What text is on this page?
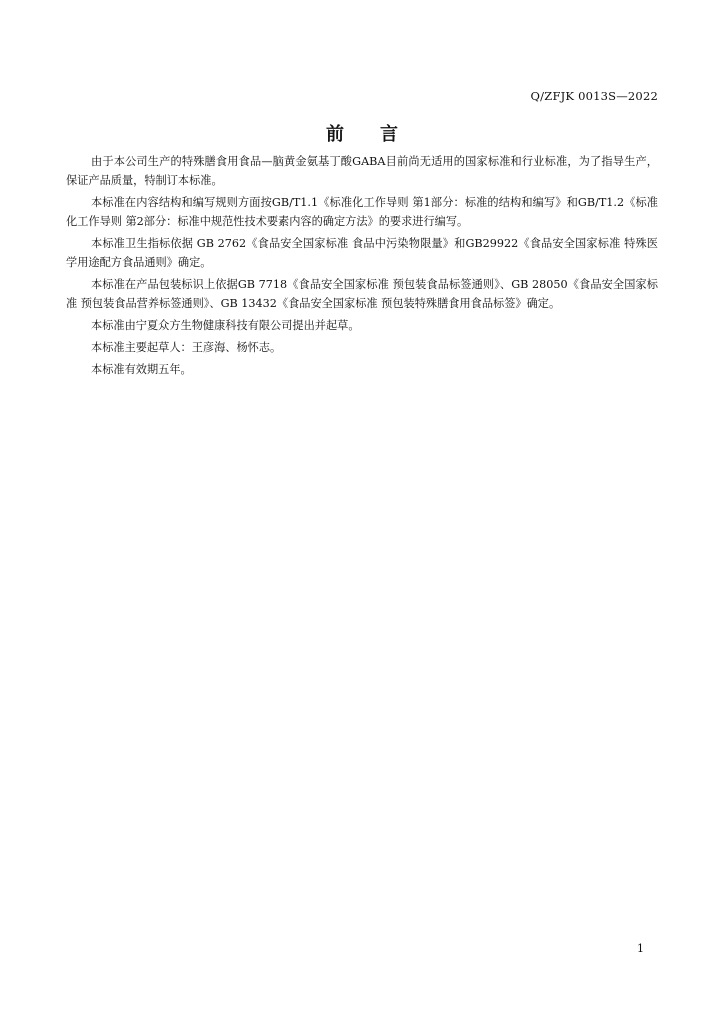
Q/ZFJK 0013S—2022
前言

由于本公司生产的特殊膳食用食品—脑黄金氨基丁酸GABA目前尚无适用的国家标准和行业标准，为了指导生产，保证产品质量，特制订本标准。

本标准在内容结构和编写规则方面按GB/T1.1《标准化工作导则 第1部分：标准的结构和编写》和GB/T1.2《标准化工作导则 第2部分：标准中规范性技术要素内容的确定方法》的要求进行编写。

本标准卫生指标依据 GB 2762《食品安全国家标准 食品中污染物限量》和GB29922《食品安全国家标准 特殊医学用途配方食品通则》确定。

本标准在产品包装标识上依据GB 7718《食品安全国家标准 预包装食品标签通则》、GB 28050《食品安全国家标准 预包装食品营养标签通则》、GB 13432《食品安全国家标准 预包装特殊膳食用食品标签》确定。

本标准由宁夏众方生物健康科技有限公司提出并起草。

本标准主要起草人：王彦海、杨怀志。

本标准有效期五年。

1
